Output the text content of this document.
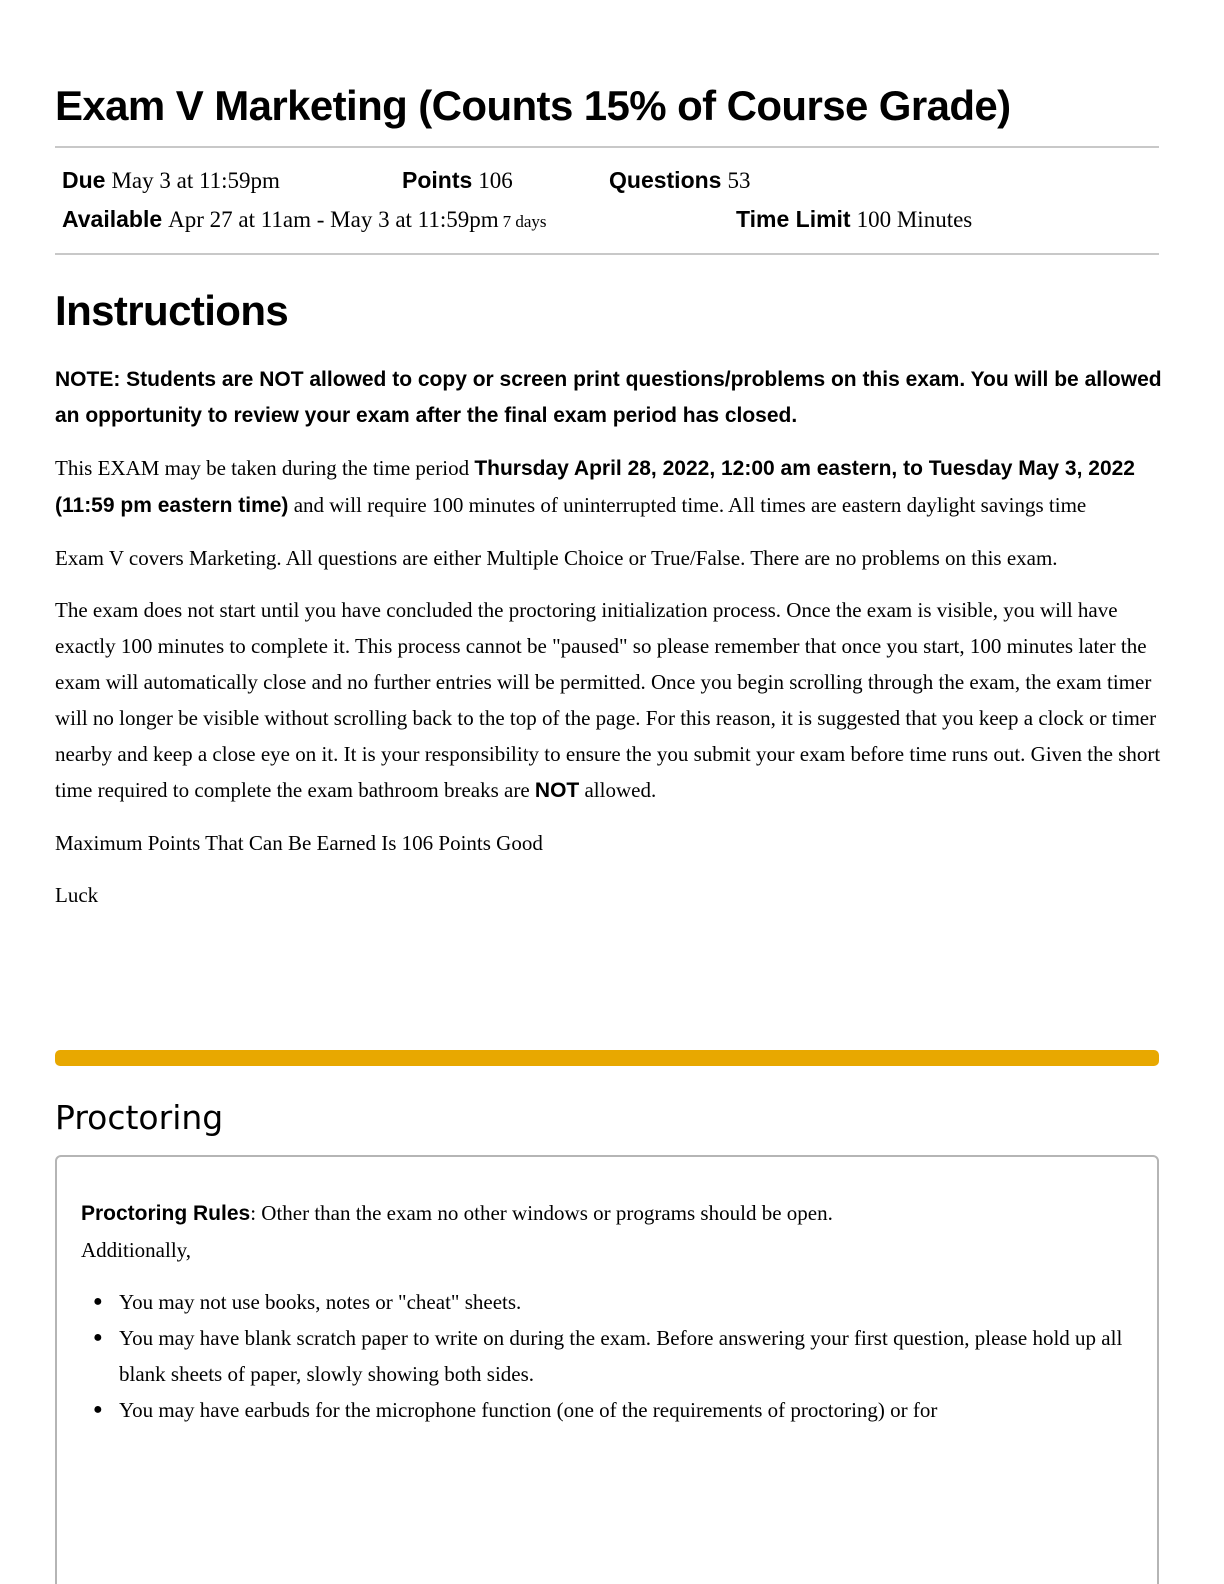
Exam V Marketing (Counts 15% of Course Grade)
Due May 3 at 11:59pm	Points 106	Questions 53
Available Apr 27 at 11am - May 3 at 11:59pm 7 days	Time Limit 100 Minutes
Instructions

NOTE: Students are NOT allowed to copy or screen print questions/problems on this exam. You will be allowed an opportunity to review your exam after the final exam period has closed.

This EXAM may be taken during the time period Thursday April 28, 2022, 12:00 am eastern, to Tuesday May 3, 2022 (11:59 pm eastern time) and will require 100 minutes of uninterrupted time. All times are eastern daylight savings time

Exam V covers Marketing. All questions are either Multiple Choice or True/False. There are no problems on this exam.

The exam does not start until you have concluded the proctoring initialization process. Once the exam is visible, you will have exactly 100 minutes to complete it. This process cannot be "paused" so please remember that once you start, 100 minutes later the exam will automatically close and no further entries will be permitted. Once you begin scrolling through the exam, the exam timer will no longer be visible without scrolling back to the top of the page. For this reason, it is suggested that you keep a clock or timer nearby and keep a close eye on it. It is your responsibility to ensure the you submit your exam before time runs out. Given the short time required to complete the exam bathroom breaks are NOT allowed.

Maximum Points That Can Be Earned Is 106 Points Good

Luck

Proctoring

Proctoring Rules: Other than the exam no other windows or programs should be open.

Additionally,

● You may not use books, notes or "cheat" sheets.
● You may have blank scratch paper to write on during the exam. Before answering your first question, please hold up all blank sheets of paper, slowly showing both sides.
● You may have earbuds for the microphone function (one of the requirements of proctoring) or for
